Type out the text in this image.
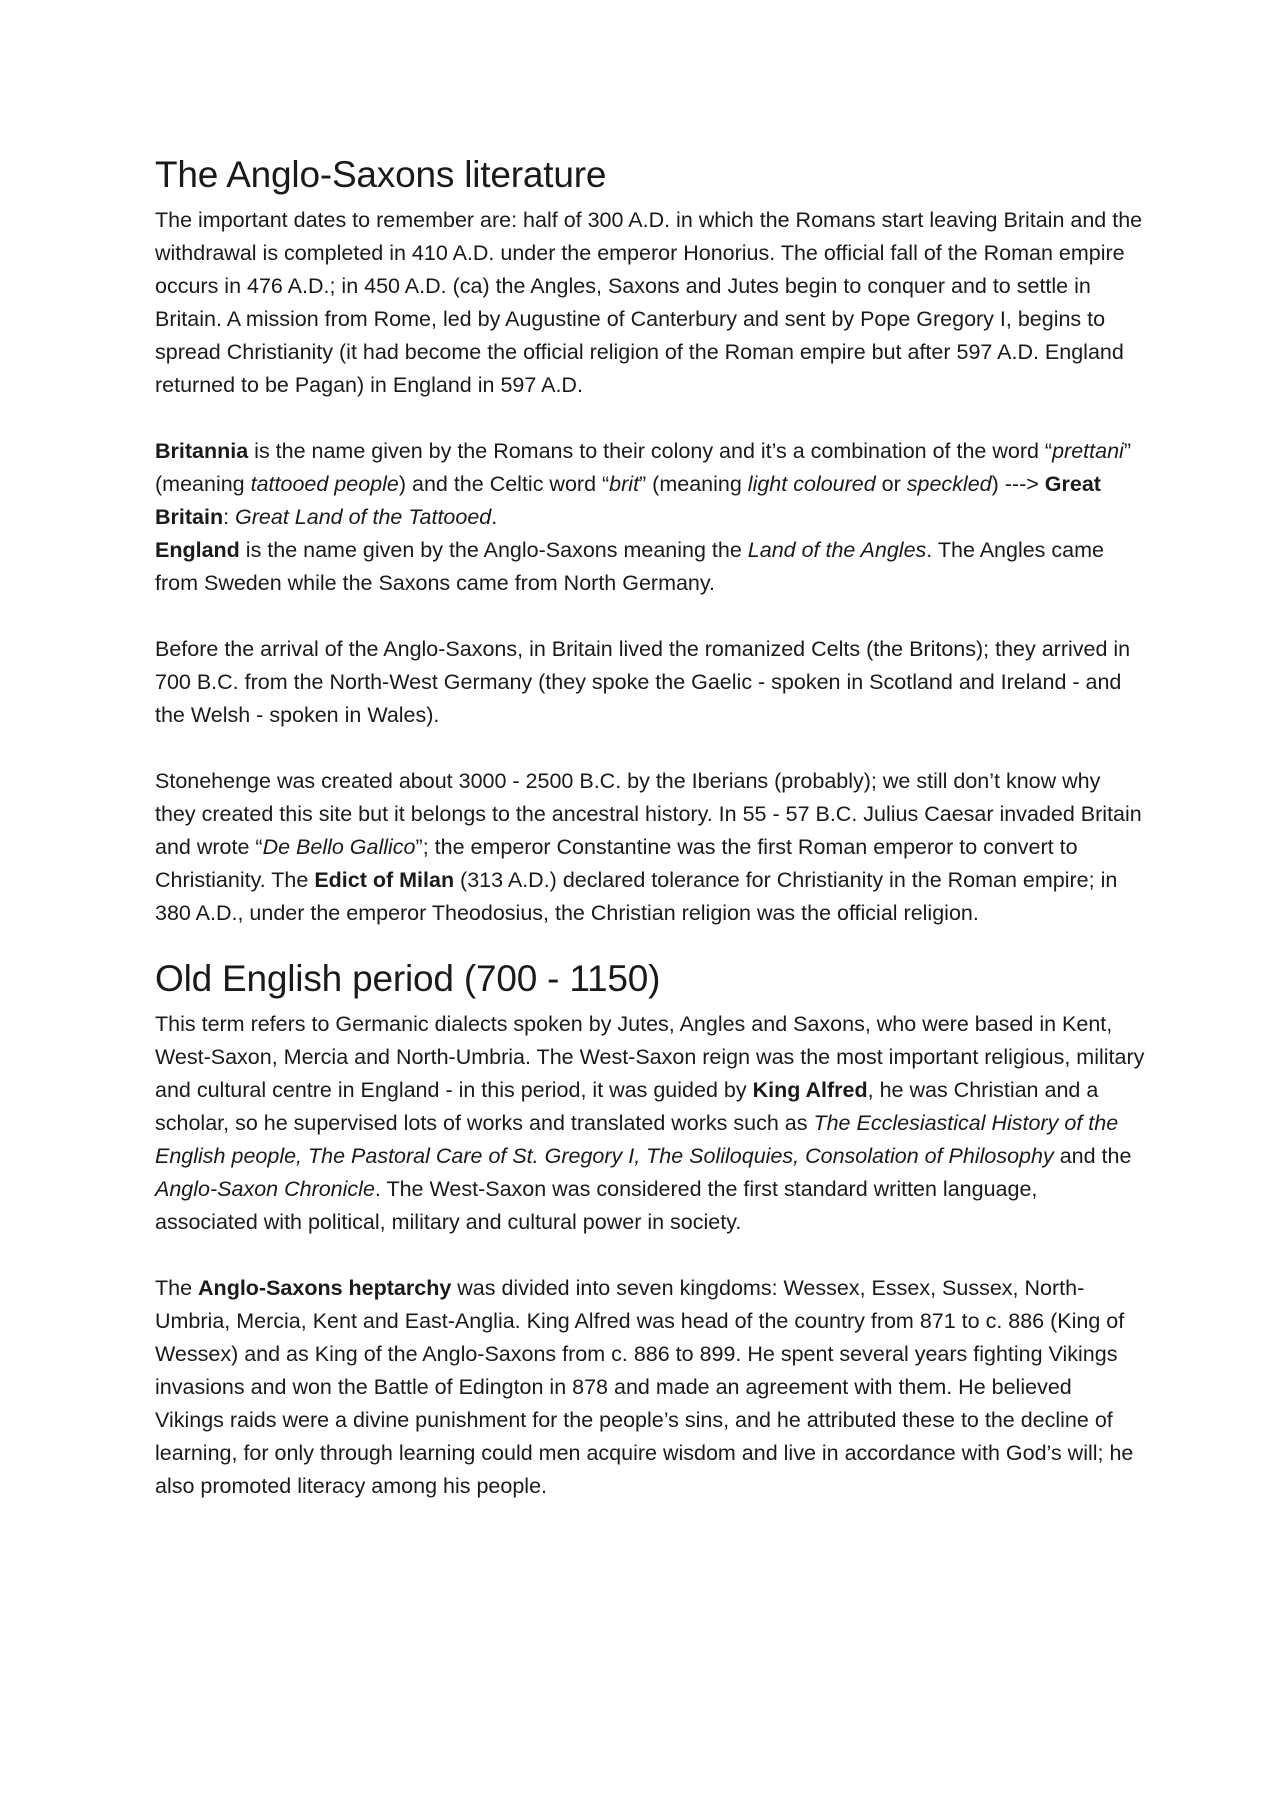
The Anglo-Saxons literature

The important dates to remember are: half of 300 A.D. in which the Romans start leaving Britain and the withdrawal is completed in 410 A.D. under the emperor Honorius. The official fall of the Roman empire occurs in 476 A.D.; in 450 A.D. (ca) the Angles, Saxons and Jutes begin to conquer and to settle in Britain. A mission from Rome, led by Augustine of Canterbury and sent by Pope Gregory I, begins to spread Christianity (it had become the official religion of the Roman empire but after 597 A.D. England returned to be Pagan) in England in 597 A.D.

Britannia is the name given by the Romans to their colony and it’s a combination of the word “prettani” (meaning tattooed people) and the Celtic word “brit” (meaning light coloured or speckled) ---> Great Britain: Great Land of the Tattooed.

England is the name given by the Anglo-Saxons meaning the Land of the Angles. The Angles came from Sweden while the Saxons came from North Germany.

Before the arrival of the Anglo-Saxons, in Britain lived the romanized Celts (the Britons); they arrived in 700 B.C. from the North-West Germany (they spoke the Gaelic - spoken in Scotland and Ireland - and the Welsh - spoken in Wales).

Stonehenge was created about 3000 - 2500 B.C. by the Iberians (probably); we still don’t know why they created this site but it belongs to the ancestral history. In 55 - 57 B.C. Julius Caesar invaded Britain and wrote “De Bello Gallico”; the emperor Constantine was the first Roman emperor to convert to Christianity. The Edict of Milan (313 A.D.) declared tolerance for Christianity in the Roman empire; in 380 A.D., under the emperor Theodosius, the Christian religion was the official religion.

Old English period (700 - 1150)

This term refers to Germanic dialects spoken by Jutes, Angles and Saxons, who were based in Kent, West-Saxon, Mercia and North-Umbria. The West-Saxon reign was the most important religious, military and cultural centre in England - in this period, it was guided by King Alfred, he was Christian and a scholar, so he supervised lots of works and translated works such as The Ecclesiastical History of the English people, The Pastoral Care of St. Gregory I, The Soliloquies, Consolation of Philosophy and the Anglo-Saxon Chronicle. The West-Saxon was considered the first standard written language, associated with political, military and cultural power in society.

The Anglo-Saxons heptarchy was divided into seven kingdoms: Wessex, Essex, Sussex, North-Umbria, Mercia, Kent and East-Anglia. King Alfred was head of the country from 871 to c. 886 (King of Wessex) and as King of the Anglo-Saxons from c. 886 to 899. He spent several years fighting Vikings invasions and won the Battle of Edington in 878 and made an agreement with them. He believed Vikings raids were a divine punishment for the people’s sins, and he attributed these to the decline of learning, for only through learning could men acquire wisdom and live in accordance with God’s will; he also promoted literacy among his people.
